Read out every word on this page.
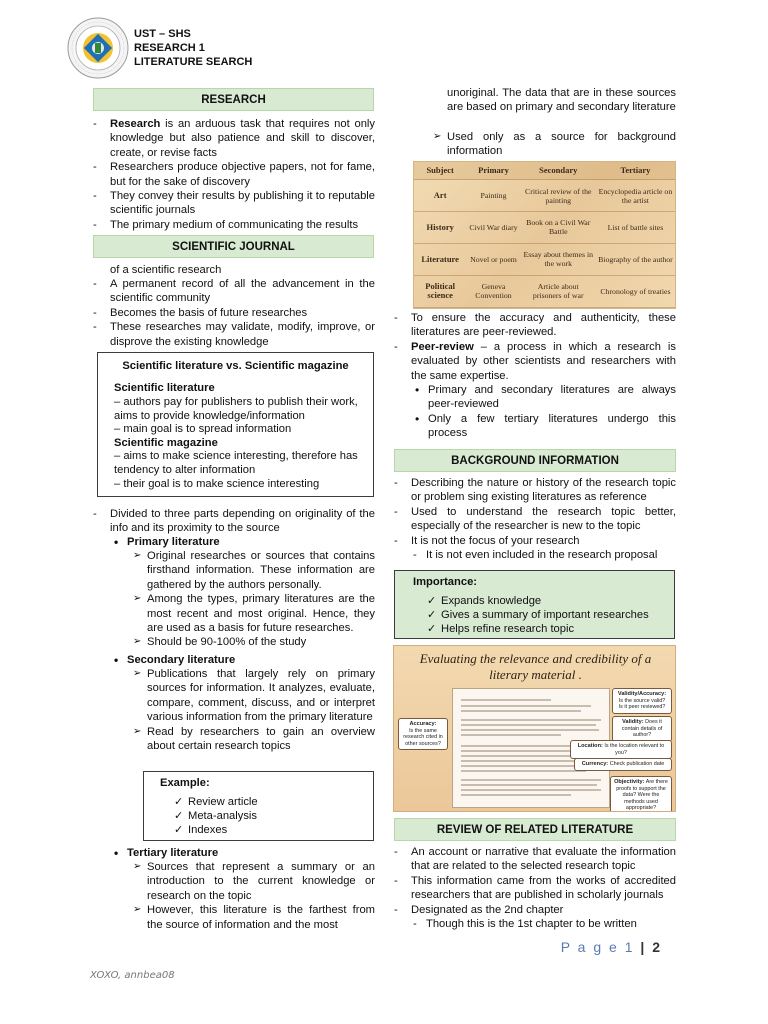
UST – SHS
RESEARCH 1
LITERATURE SEARCH
RESEARCH
- Research is an arduous task that requires not only knowledge but also patience and skill to discover, create, or revise facts
- Researchers produce objective papers, not for fame, but for the sake of discovery
- They convey their results by publishing it to reputable scientific journals
- The primary medium of communicating the results
SCIENTIFIC JOURNAL
of a scientific research
- A permanent record of all the advancement in the scientific community
- Becomes the basis of future researches
- These researches may validate, modify, improve, or disprove the existing knowledge
Scientific literature vs. Scientific magazine
Scientific literature
– authors pay for publishers to publish their work, aims to provide knowledge/information
– main goal is to spread information
Scientific magazine
– aims to make science interesting, therefore has tendency to alter information
– their goal is to make science interesting
- Divided to three parts depending on originality of the info and its proximity to the source
• Primary literature
➢ Original researches or sources that contains firsthand information. These information are gathered by the authors personally.
➢ Among the types, primary literatures are the most recent and most original. Hence, they are used as a basis for future researches.
➢ Should be 90-100% of the study
• Secondary literature
➢ Publications that largely rely on primary sources for information. It analyzes, evaluate, compare, comment, discuss, and or interpret various information from the primary literature
➢ Read by researchers to gain an overview about certain research topics
Example:
✓ Review article
✓ Meta-analysis
✓ Indexes
• Tertiary literature
➢ Sources that represent a summary or an introduction to the current knowledge or research on the topic
➢ However, this literature is the farthest from the source of information and the most
unoriginal. The data that are in these sources are based on primary and secondary literature
➢ Used only as a source for background information
Subject	Primary	Secondary	Tertiary
Art	Painting	Critical review of the painting	Encyclopedia article on the artist
History	Civil War diary	Book on a Civil War Battle	List of battle sites
Literature	Novel or poem	Essay about themes in the work	Biography of the author
Political science	Geneva Convention	Article about prisoners of war	Chronology of treaties
- To ensure the accuracy and authenticity, these literatures are peer-reviewed.
- Peer-review – a process in which a research is evaluated by other scientists and researchers with the same expertise.
• Primary and secondary literatures are always peer-reviewed
• Only a few tertiary literatures undergo this process
BACKGROUND INFORMATION
- Describing the nature or history of the research topic or problem sing existing literatures as reference
- Used to understand the research topic better, especially of the researcher is new to the topic
- It is not the focus of your research
- It is not even included in the research proposal
Importance:
✓ Expands knowledge
✓ Gives a summary of important researches
✓ Helps refine research topic
Evaluating the relevance and credibility of a literary material .
Accuracy:
Is the same research cited in other sources?
Validity/Accuracy:
Is the source valid? Is it peer reviewed?
Validity: Does it contain details of author?
Location: Is the location relevant to you?
Currency: Check publication date
Objectivity: Are there proofs to support the data? Were the methods used appropriate?
REVIEW OF RELATED LITERATURE
- An account or narrative that evaluate the information that are related to the selected research topic
- This information came from the works of accredited researchers that are published in scholarly journals
- Designated as the 2nd chapter
- Though this is the 1st chapter to be written
P a g e 1 | 2
XOXO, annbea08
